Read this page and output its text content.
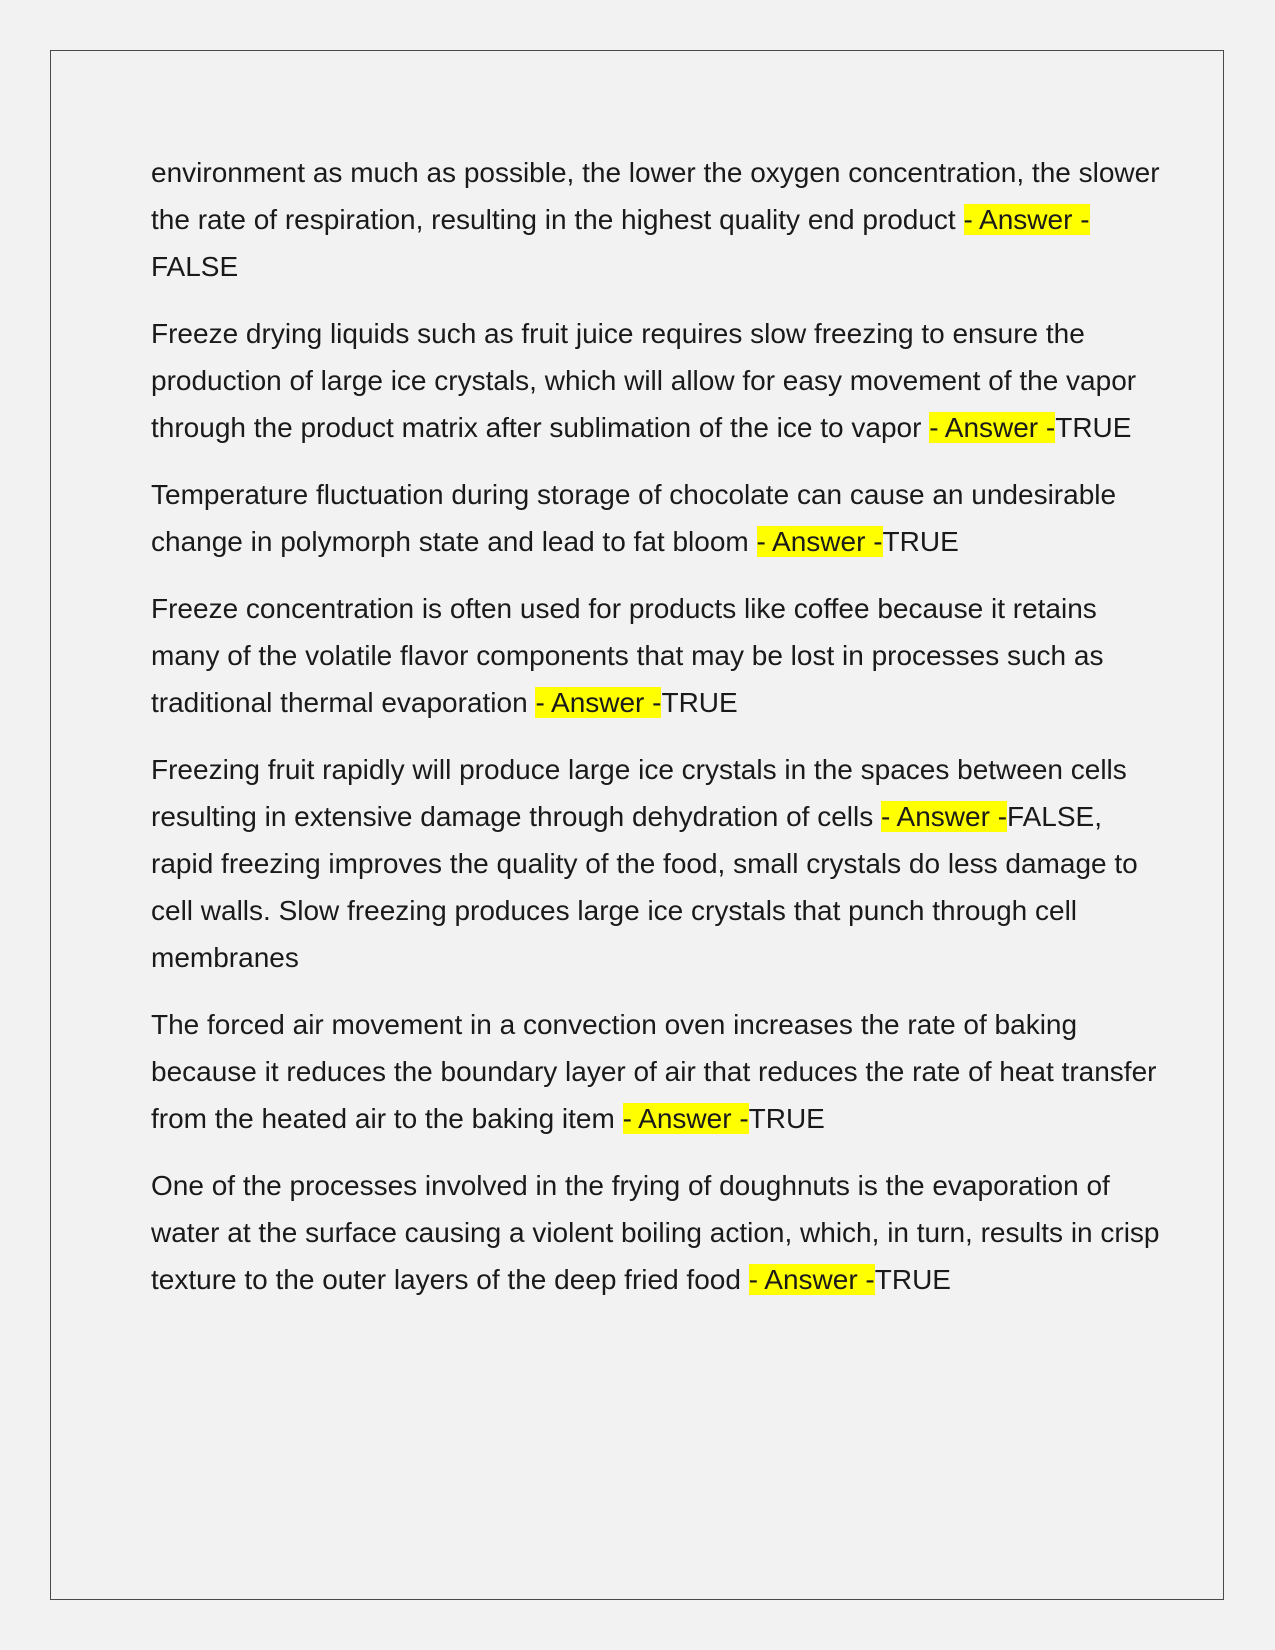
environment as much as possible, the lower the oxygen concentration, the slower the rate of respiration, resulting in the highest quality end product - Answer -FALSE

Freeze drying liquids such as fruit juice requires slow freezing to ensure the production of large ice crystals, which will allow for easy movement of the vapor through the product matrix after sublimation of the ice to vapor - Answer -TRUE

Temperature fluctuation during storage of chocolate can cause an undesirable change in polymorph state and lead to fat bloom - Answer -TRUE

Freeze concentration is often used for products like coffee because it retains many of the volatile flavor components that may be lost in processes such as traditional thermal evaporation - Answer -TRUE

Freezing fruit rapidly will produce large ice crystals in the spaces between cells resulting in extensive damage through dehydration of cells - Answer -FALSE, rapid freezing improves the quality of the food, small crystals do less damage to cell walls. Slow freezing produces large ice crystals that punch through cell membranes

The forced air movement in a convection oven increases the rate of baking because it reduces the boundary layer of air that reduces the rate of heat transfer from the heated air to the baking item - Answer -TRUE

One of the processes involved in the frying of doughnuts is the evaporation of water at the surface causing a violent boiling action, which, in turn, results in crisp texture to the outer layers of the deep fried food - Answer -TRUE
